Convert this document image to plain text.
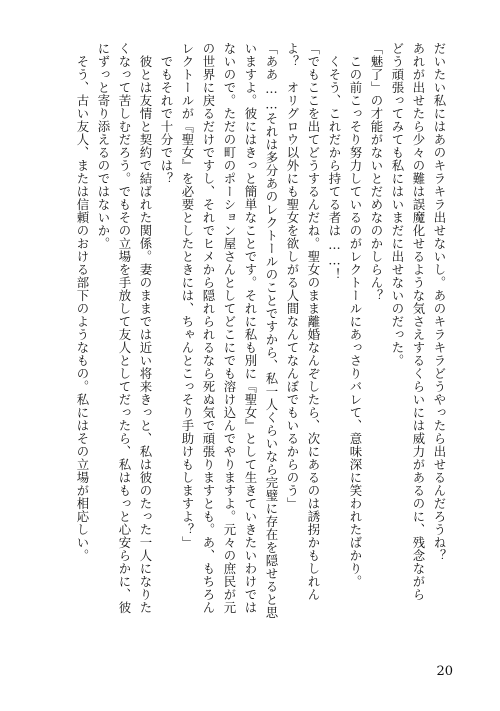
だいたい私にはあのキラキラ出せないし。あのキラキラどうやったら出せるんだろうね？
あれが出せたら少々の難は誤魔化せるような気さえするくらいには威力があるのに、残念ながら
どう頑張ってみても私にはいまだに出せないのだった。
「魅了」の才能がないとだめなのかしらん？
　この前こっそり努力しているのがレクトールにあっさりバレて、意味深に笑われたばかり。
　くそう、これだから持てる者は……！
「でもここを出てどうするんだね。聖女のまま離婚なんぞしたら、次にあるのは誘拐かもしれん
よ？　オリグロウ以外にも聖女を欲しがる人間なんてなんぼでもいるからのう」
「ああ……それは多分あのレクトールのことですから、私一人くらいなら完璧に存在を隠せると思
いますよ。彼にはきっと簡単なことです。それに私も別に『聖女』として生きていきたいわけでは
ないので。ただの町のポーション屋さんとしてどこにでも溶け込んでやりますよ。元々の庶民が元
の世界に戻るだけですし、それでヒメから隠れられるなら死ぬ気で頑張りますとも。あ、もちろん
レクトールが『聖女』を必要としたときには、ちゃんとこっそり手助けもしますよ？」
　でもそれで十分では？
　彼とは友情と契約で結ばれた関係。妻のままでは近い将来きっと、私は彼のたった一人になりた
くなって苦しむだろう。でもその立場を手放して友人としてだったら、私はもっと心安らかに、彼
にずっと寄り添えるのではないか。
　そう、古い友人、または信頼のおける部下のようなもの。私にはその立場が相応しい。
20
